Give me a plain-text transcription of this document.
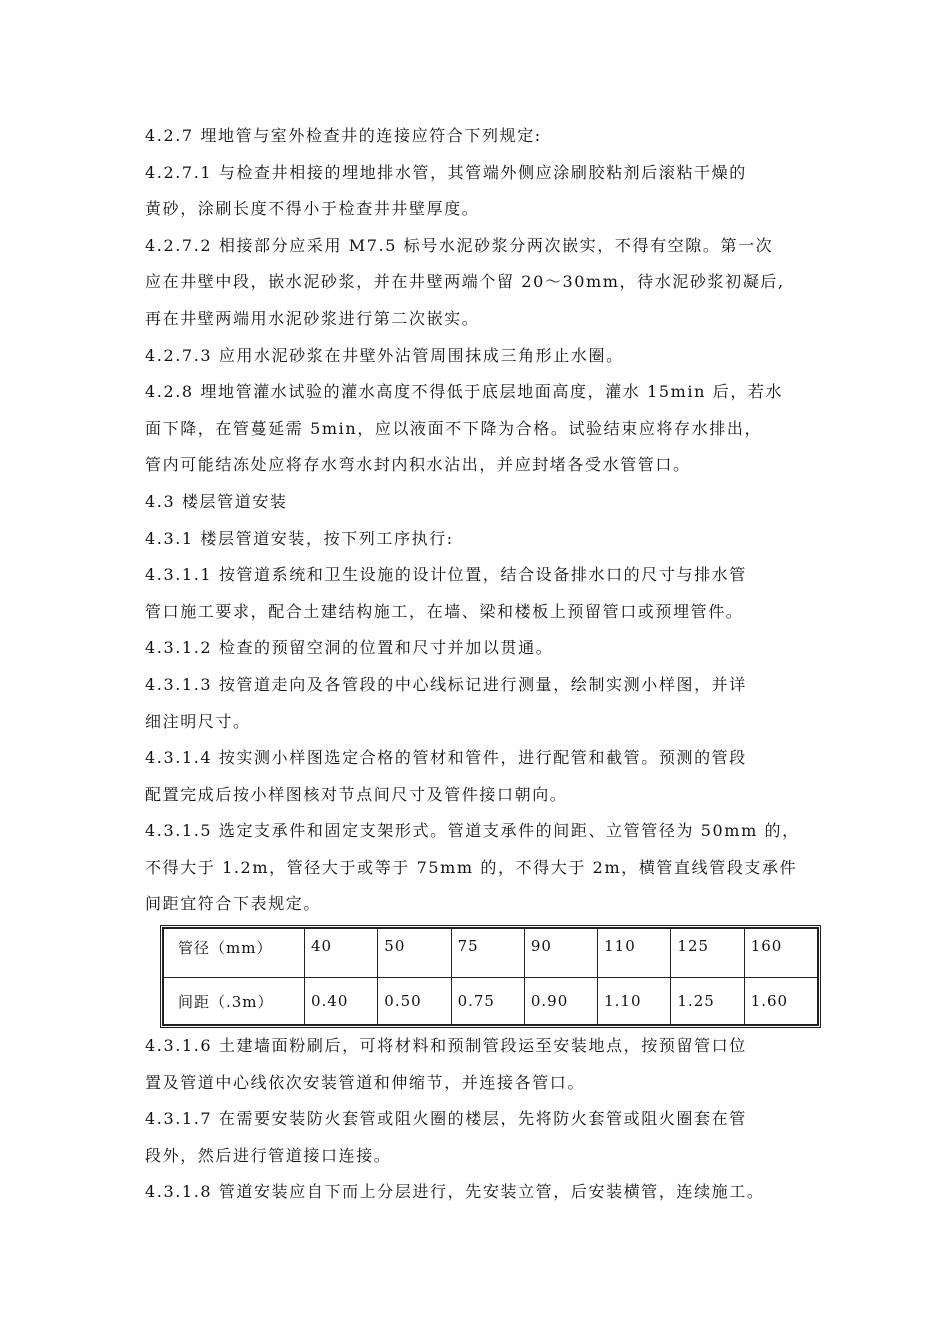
4.2.7 埋地管与室外检查井的连接应符合下列规定:

4.2.7.1 与检查井相接的埋地排水管，其管端外侧应涂刷胶粘剂后滚粘干燥的

黄砂，涂刷长度不得小于检查井井壁厚度。

4.2.7.2 相接部分应采用 M7.5 标号水泥砂浆分两次嵌实，不得有空隙。第一次

应在井壁中段，嵌水泥砂浆，并在井壁两端个留 20～30mm，待水泥砂浆初凝后,

再在井壁两端用水泥砂浆进行第二次嵌实。

4.2.7.3 应用水泥砂浆在井壁外沾管周围抹成三角形止水圈。

4.2.8 埋地管灌水试验的灌水高度不得低于底层地面高度，灌水 15min 后，若水

面下降，在管蔓延需 5min，应以液面不下降为合格。试验结束应将存水排出，

管内可能结冻处应将存水弯水封内积水沾出，并应封堵各受水管管口。

4.3 楼层管道安装

4.3.1 楼层管道安装，按下列工序执行:

4.3.1.1 按管道系统和卫生设施的设计位置，结合设备排水口的尺寸与排水管

管口施工要求，配合土建结构施工，在墙、梁和楼板上预留管口或预埋管件。

4.3.1.2 检查的预留空洞的位置和尺寸并加以贯通。

4.3.1.3 按管道走向及各管段的中心线标记进行测量，绘制实测小样图，并详

细注明尺寸。

4.3.1.4 按实测小样图选定合格的管材和管件，进行配管和截管。预测的管段

配置完成后按小样图核对节点间尺寸及管件接口朝向。

4.3.1.5 选定支承件和固定支架形式。管道支承件的间距、立管管径为 50mm 的，

不得大于 1.2m，管径大于或等于 75mm 的，不得大于 2m，横管直线管段支承件

间距宜符合下表规定。

管径（mm）	40	50	75	90	110	125	160
间距（.3m）	0.40	0.50	0.75	0.90	1.10	1.25	1.60

4.3.1.6 土建墙面粉刷后，可将材料和预制管段运至安装地点，按预留管口位

置及管道中心线依次安装管道和伸缩节，并连接各管口。

4.3.1.7 在需要安装防火套管或阻火圈的楼层，先将防火套管或阻火圈套在管

段外，然后进行管道接口连接。

4.3.1.8 管道安装应自下而上分层进行，先安装立管，后安装横管，连续施工。
